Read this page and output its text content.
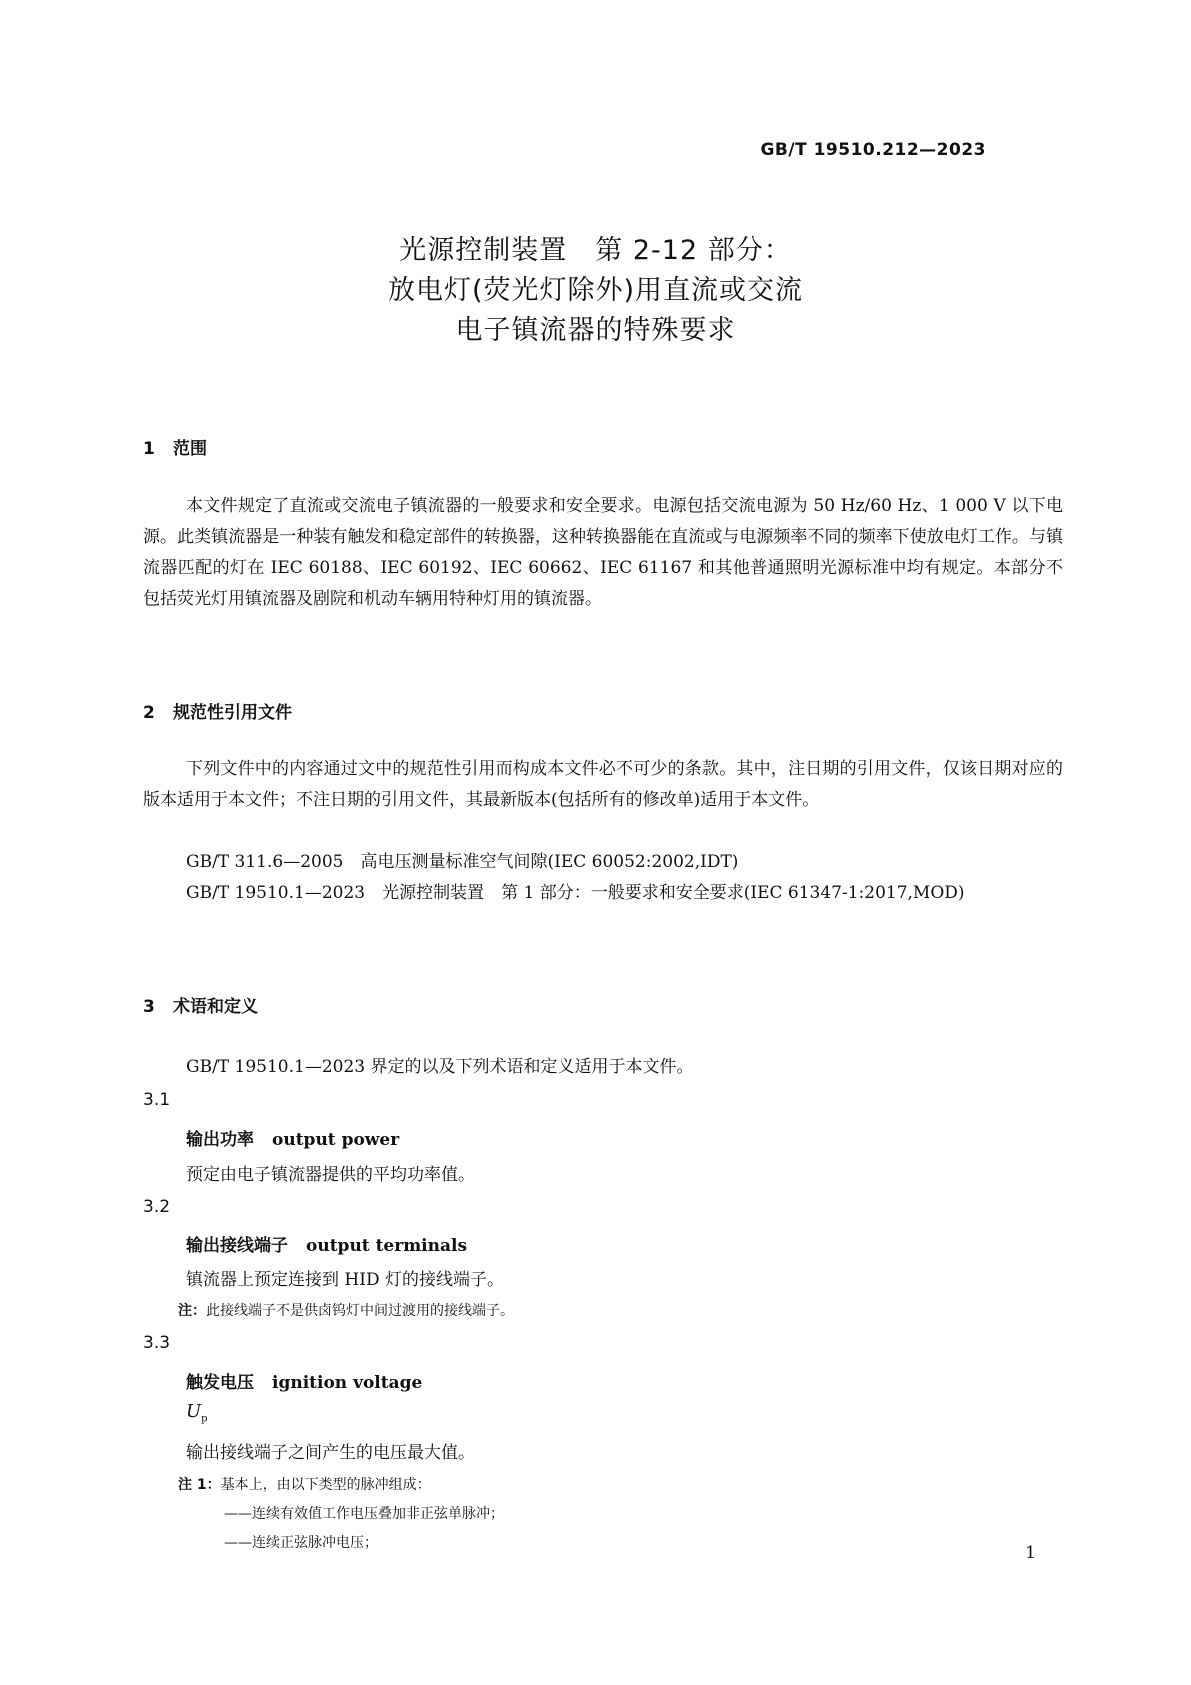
GB/T 19510.212—2023
光源控制装置　第 2-12 部分：
放电灯(荧光灯除外)用直流或交流
电子镇流器的特殊要求
1 范围
本文件规定了直流或交流电子镇流器的一般要求和安全要求。电源包括交流电源为 50 Hz/60 Hz、1 000 V 以下电源。此类镇流器是一种装有触发和稳定部件的转换器，这种转换器能在直流或与电源频率不同的频率下使放电灯工作。与镇流器匹配的灯在 IEC 60188、IEC 60192、IEC 60662、IEC 61167 和其他普通照明光源标准中均有规定。本部分不包括荧光灯用镇流器及剧院和机动车辆用特种灯用的镇流器。
2 规范性引用文件
下列文件中的内容通过文中的规范性引用而构成本文件必不可少的条款。其中，注日期的引用文件，仅该日期对应的版本适用于本文件；不注日期的引用文件，其最新版本(包括所有的修改单)适用于本文件。
GB/T 311.6—2005　高电压测量标准空气间隙(IEC 60052:2002,IDT)
GB/T 19510.1—2023　光源控制装置　第 1 部分：一般要求和安全要求(IEC 61347-1:2017,MOD)
3 术语和定义
GB/T 19510.1—2023 界定的以及下列术语和定义适用于本文件。
3.1
输出功率 output power
预定由电子镇流器提供的平均功率值。
3.2
输出接线端子 output terminals
镇流器上预定连接到 HID 灯的接线端子。
注：此接线端子不是供卤钨灯中间过渡用的接线端子。
3.3
触发电压 ignition voltage
$U_p$
输出接线端子之间产生的电压最大值。
注 1：基本上，由以下类型的脉冲组成：
——连续有效值工作电压叠加非正弦单脉冲；
——连续正弦脉冲电压；	1
